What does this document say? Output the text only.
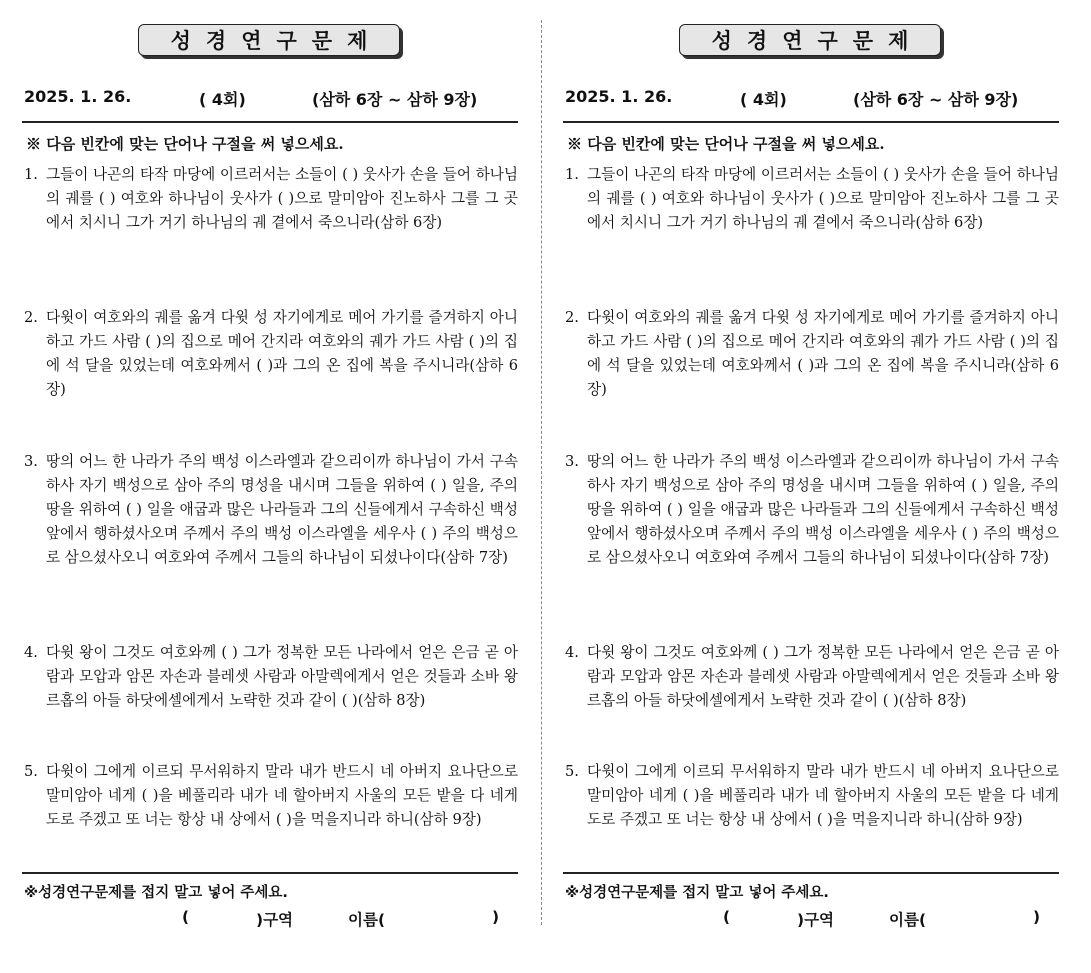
성경연구문제
2025. 1. 26.	( 4회)	(삼하 6장 ~ 삼하 9장)
※ 다음 빈칸에 맞는 단어나 구절을 써 넣으세요.
1. 그들이 나곤의 타작 마당에 이르러서는 소들이 ( ) 웃사가 손을 들어 하나님의 궤를 ( ) 여호와 하나님이 웃사가 ( )으로 말미암아 진노하사 그를 그 곳에서 치시니 그가 거기 하나님의 궤 곁에서 죽으니라(삼하 6장)
2. 다윗이 여호와의 궤를 옮겨 다윗 성 자기에게로 메어 가기를 즐겨하지 아니하고 가드 사람 ( )의 집으로 메어 간지라 여호와의 궤가 가드 사람 ( )의 집에 석 달을 있었는데 여호와께서 ( )과 그의 온 집에 복을 주시니라(삼하 6장)
3. 땅의 어느 한 나라가 주의 백성 이스라엘과 같으리이까 하나님이 가서 구속하사 자기 백성으로 삼아 주의 명성을 내시며 그들을 위하여 ( ) 일을, 주의 땅을 위하여 ( ) 일을 애굽과 많은 나라들과 그의 신들에게서 구속하신 백성 앞에서 행하셨사오며 주께서 주의 백성 이스라엘을 세우사 ( ) 주의 백성으로 삼으셨사오니 여호와여 주께서 그들의 하나님이 되셨나이다(삼하 7장)
4. 다윗 왕이 그것도 여호와께 ( ) 그가 정복한 모든 나라에서 얻은 은금 곧 아람과 모압과 암몬 자손과 블레셋 사람과 아말렉에게서 얻은 것들과 소바 왕 르홉의 아들 하닷에셀에게서 노략한 것과 같이 ( )(삼하 8장)
5. 다윗이 그에게 이르되 무서워하지 말라 내가 반드시 네 아버지 요나단으로 말미암아 네게 ( )을 베풀리라 내가 네 할아버지 사울의 모든 밭을 다 네게 도로 주겠고 또 너는 항상 내 상에서 ( )을 먹을지니라 하니(삼하 9장)
※성경연구문제를 접지 말고 넣어 주세요.
(	)구역	이름(	)
성경연구문제
2025. 1. 26.	( 4회)	(삼하 6장 ~ 삼하 9장)
※ 다음 빈칸에 맞는 단어나 구절을 써 넣으세요.
1. 그들이 나곤의 타작 마당에 이르러서는 소들이 ( ) 웃사가 손을 들어 하나님의 궤를 ( ) 여호와 하나님이 웃사가 ( )으로 말미암아 진노하사 그를 그 곳에서 치시니 그가 거기 하나님의 궤 곁에서 죽으니라(삼하 6장)
2. 다윗이 여호와의 궤를 옮겨 다윗 성 자기에게로 메어 가기를 즐겨하지 아니하고 가드 사람 ( )의 집으로 메어 간지라 여호와의 궤가 가드 사람 ( )의 집에 석 달을 있었는데 여호와께서 ( )과 그의 온 집에 복을 주시니라(삼하 6장)
3. 땅의 어느 한 나라가 주의 백성 이스라엘과 같으리이까 하나님이 가서 구속하사 자기 백성으로 삼아 주의 명성을 내시며 그들을 위하여 ( ) 일을, 주의 땅을 위하여 ( ) 일을 애굽과 많은 나라들과 그의 신들에게서 구속하신 백성 앞에서 행하셨사오며 주께서 주의 백성 이스라엘을 세우사 ( ) 주의 백성으로 삼으셨사오니 여호와여 주께서 그들의 하나님이 되셨나이다(삼하 7장)
4. 다윗 왕이 그것도 여호와께 ( ) 그가 정복한 모든 나라에서 얻은 은금 곧 아람과 모압과 암몬 자손과 블레셋 사람과 아말렉에게서 얻은 것들과 소바 왕 르홉의 아들 하닷에셀에게서 노략한 것과 같이 ( )(삼하 8장)
5. 다윗이 그에게 이르되 무서워하지 말라 내가 반드시 네 아버지 요나단으로 말미암아 네게 ( )을 베풀리라 내가 네 할아버지 사울의 모든 밭을 다 네게 도로 주겠고 또 너는 항상 내 상에서 ( )을 먹을지니라 하니(삼하 9장)
※성경연구문제를 접지 말고 넣어 주세요.
(	)구역	이름(	)
